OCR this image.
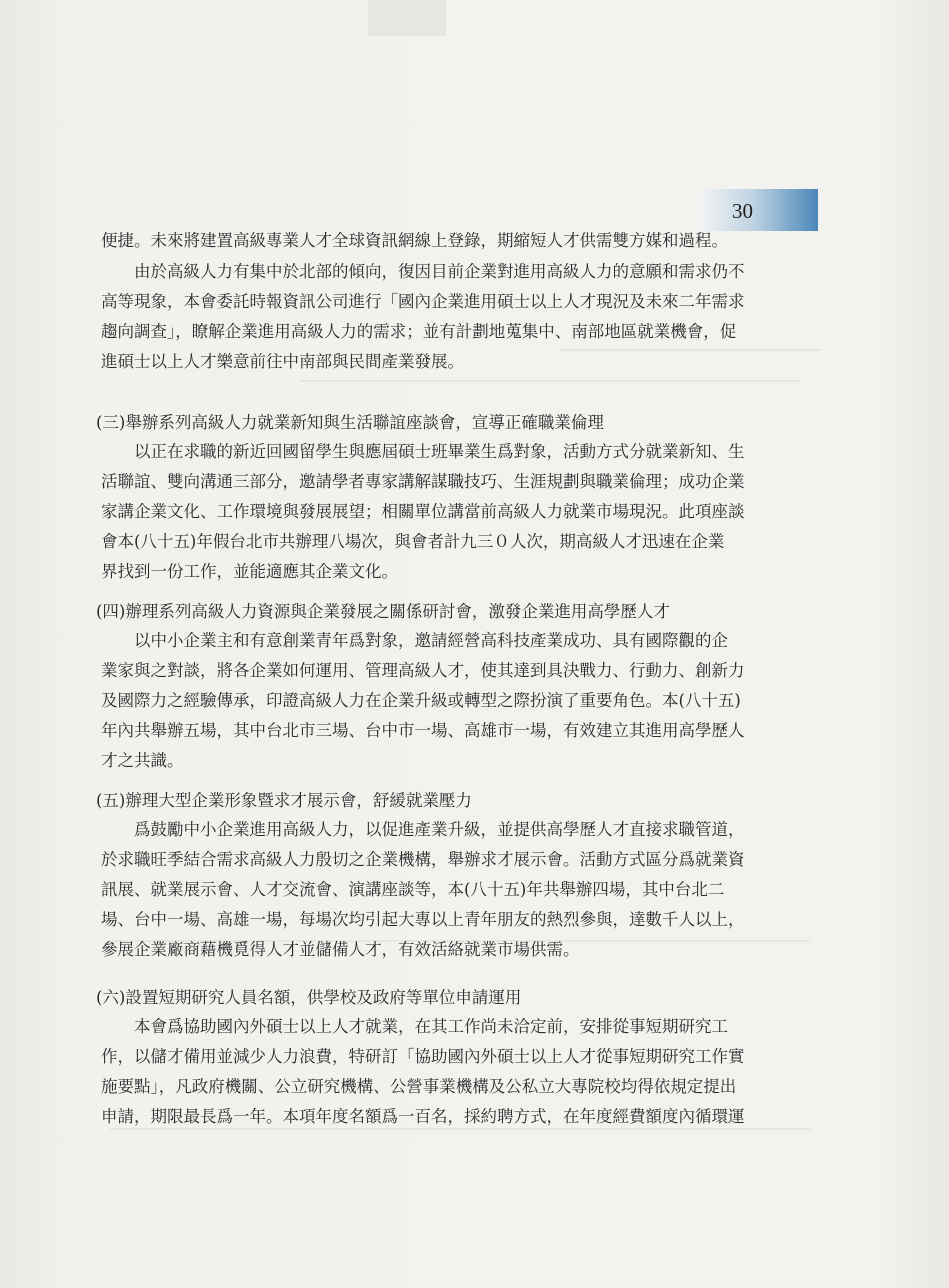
30
便捷。未來將建置高級專業人才全球資訊網線上登錄，期縮短人才供需雙方媒和過程。
　　由於高級人力有集中於北部的傾向，復因目前企業對進用高級人力的意願和需求仍不
高等現象，本會委託時報資訊公司進行「國內企業進用碩士以上人才現況及未來二年需求
趨向調查」，瞭解企業進用高級人力的需求；並有計劃地蒐集中、南部地區就業機會，促
進碩士以上人才樂意前往中南部與民間產業發展。
(三)舉辦系列高級人力就業新知與生活聯誼座談會，宣導正確職業倫理
　　以正在求職的新近回國留學生與應屆碩士班畢業生爲對象，活動方式分就業新知、生
活聯誼、雙向溝通三部分，邀請學者專家講解謀職技巧、生涯規劃與職業倫理；成功企業
家講企業文化、工作環境與發展展望；相關單位講當前高級人力就業市場現況。此項座談
會本(八十五)年假台北市共辦理八場次，與會者計九三０人次，期高級人才迅速在企業
界找到一份工作，並能適應其企業文化。
(四)辦理系列高級人力資源與企業發展之關係研討會，激發企業進用高學歷人才
　　以中小企業主和有意創業青年爲對象，邀請經營高科技產業成功、具有國際觀的企
業家與之對談，將各企業如何運用、管理高級人才，使其達到具決戰力、行動力、創新力
及國際力之經驗傳承，印證高級人力在企業升級或轉型之際扮演了重要角色。本(八十五)
年內共舉辦五場，其中台北市三場、台中市一場、高雄市一場，有效建立其進用高學歷人
才之共識。
(五)辦理大型企業形象暨求才展示會，舒緩就業壓力
　　爲鼓勵中小企業進用高級人力，以促進產業升級，並提供高學歷人才直接求職管道，
於求職旺季結合需求高級人力殷切之企業機構，舉辦求才展示會。活動方式區分爲就業資
訊展、就業展示會、人才交流會、演講座談等，本(八十五)年共舉辦四場，其中台北二
場、台中一場、高雄一場，每場次均引起大專以上青年朋友的熱烈參與，達數千人以上，
參展企業廠商藉機覓得人才並儲備人才，有效活絡就業市場供需。
(六)設置短期研究人員名額，供學校及政府等單位申請運用
　　本會爲協助國內外碩士以上人才就業，在其工作尚未洽定前，安排從事短期研究工
作，以儲才備用並減少人力浪費，特研訂「協助國內外碩士以上人才從事短期研究工作實
施要點」，凡政府機關、公立研究機構、公營事業機構及公私立大專院校均得依規定提出
申請，期限最長爲一年。本項年度名額爲一百名，採約聘方式，在年度經費額度內循環運
